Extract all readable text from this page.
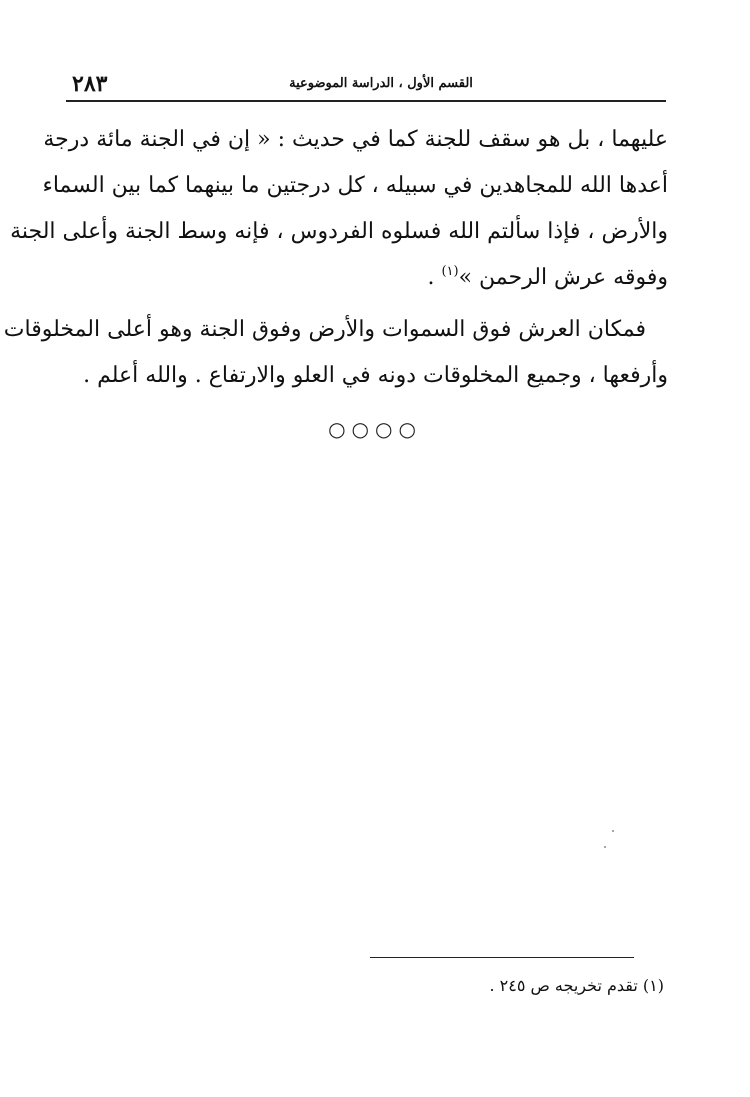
٢٨٣	القسم الأول ، الدراسة الموضوعية
عليهما ، بل هو سقف للجنة كما في حديث : « إن في الجنة مائة درجة
أعدها الله للمجاهدين في سبيله ، كل درجتين ما بينهما كما بين السماء
والأرض ، فإذا سألتم الله فسلوه الفردوس ، فإنه وسط الجنة وأعلى الجنة
وفوقه عرش الرحمن »$^{(١)}$ .
فمكان العرش فوق السموات والأرض وفوق الجنة وهو أعلى المخلوقات
وأرفعها ، وجميع المخلوقات دونه في العلو والارتفاع . والله أعلم .
○○○○
(١) تقدم تخريجه ص ٢٤٥ .
